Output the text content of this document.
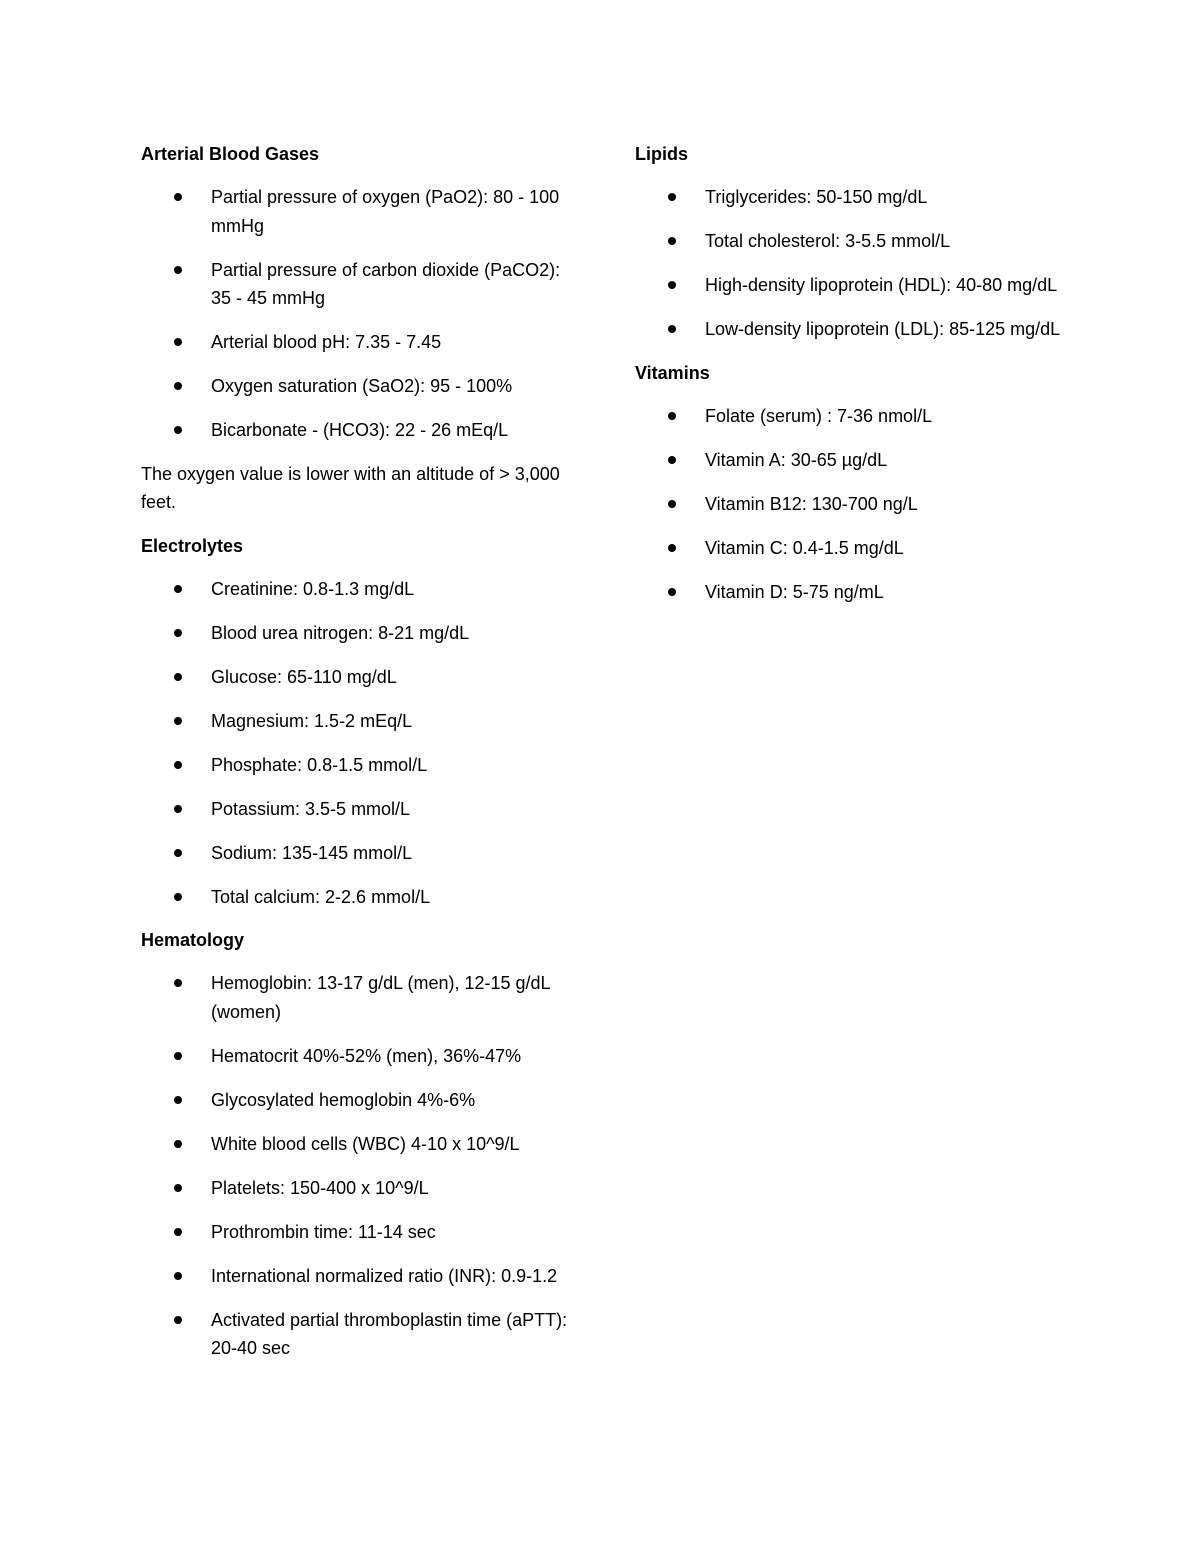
Arterial Blood Gases
Partial pressure of oxygen (PaO2): 80 - 100 mmHg
Partial pressure of carbon dioxide (PaCO2): 35 - 45 mmHg
Arterial blood pH: 7.35 - 7.45
Oxygen saturation (SaO2): 95 - 100%
Bicarbonate - (HCO3): 22 - 26 mEq/L

The oxygen value is lower with an altitude of > 3,000 feet.

Electrolytes
Creatinine: 0.8-1.3 mg/dL
Blood urea nitrogen: 8-21 mg/dL
Glucose: 65-110 mg/dL
Magnesium: 1.5-2 mEq/L
Phosphate: 0.8-1.5 mmol/L
Potassium: 3.5-5 mmol/L
Sodium: 135-145 mmol/L
Total calcium: 2-2.6 mmol/L
Hematology
Hemoglobin: 13-17 g/dL (men), 12-15 g/dL (women)
Hematocrit 40%-52% (men), 36%-47%
Glycosylated hemoglobin 4%-6%
White blood cells (WBC) 4-10 x 10^9/L
Platelets: 150-400 x 10^9/L
Prothrombin time: 11-14 sec
International normalized ratio (INR): 0.9-1.2
Activated partial thromboplastin time (aPTT): 20-40 sec
Lipids
Triglycerides: 50-150 mg/dL
Total cholesterol: 3-5.5 mmol/L
High-density lipoprotein (HDL): 40-80 mg/dL
Low-density lipoprotein (LDL): 85-125 mg/dL
Vitamins
Folate (serum) : 7-36 nmol/L
Vitamin A: 30-65 µg/dL
Vitamin B12: 130-700 ng/L
Vitamin C: 0.4-1.5 mg/dL
Vitamin D: 5-75 ng/mL
